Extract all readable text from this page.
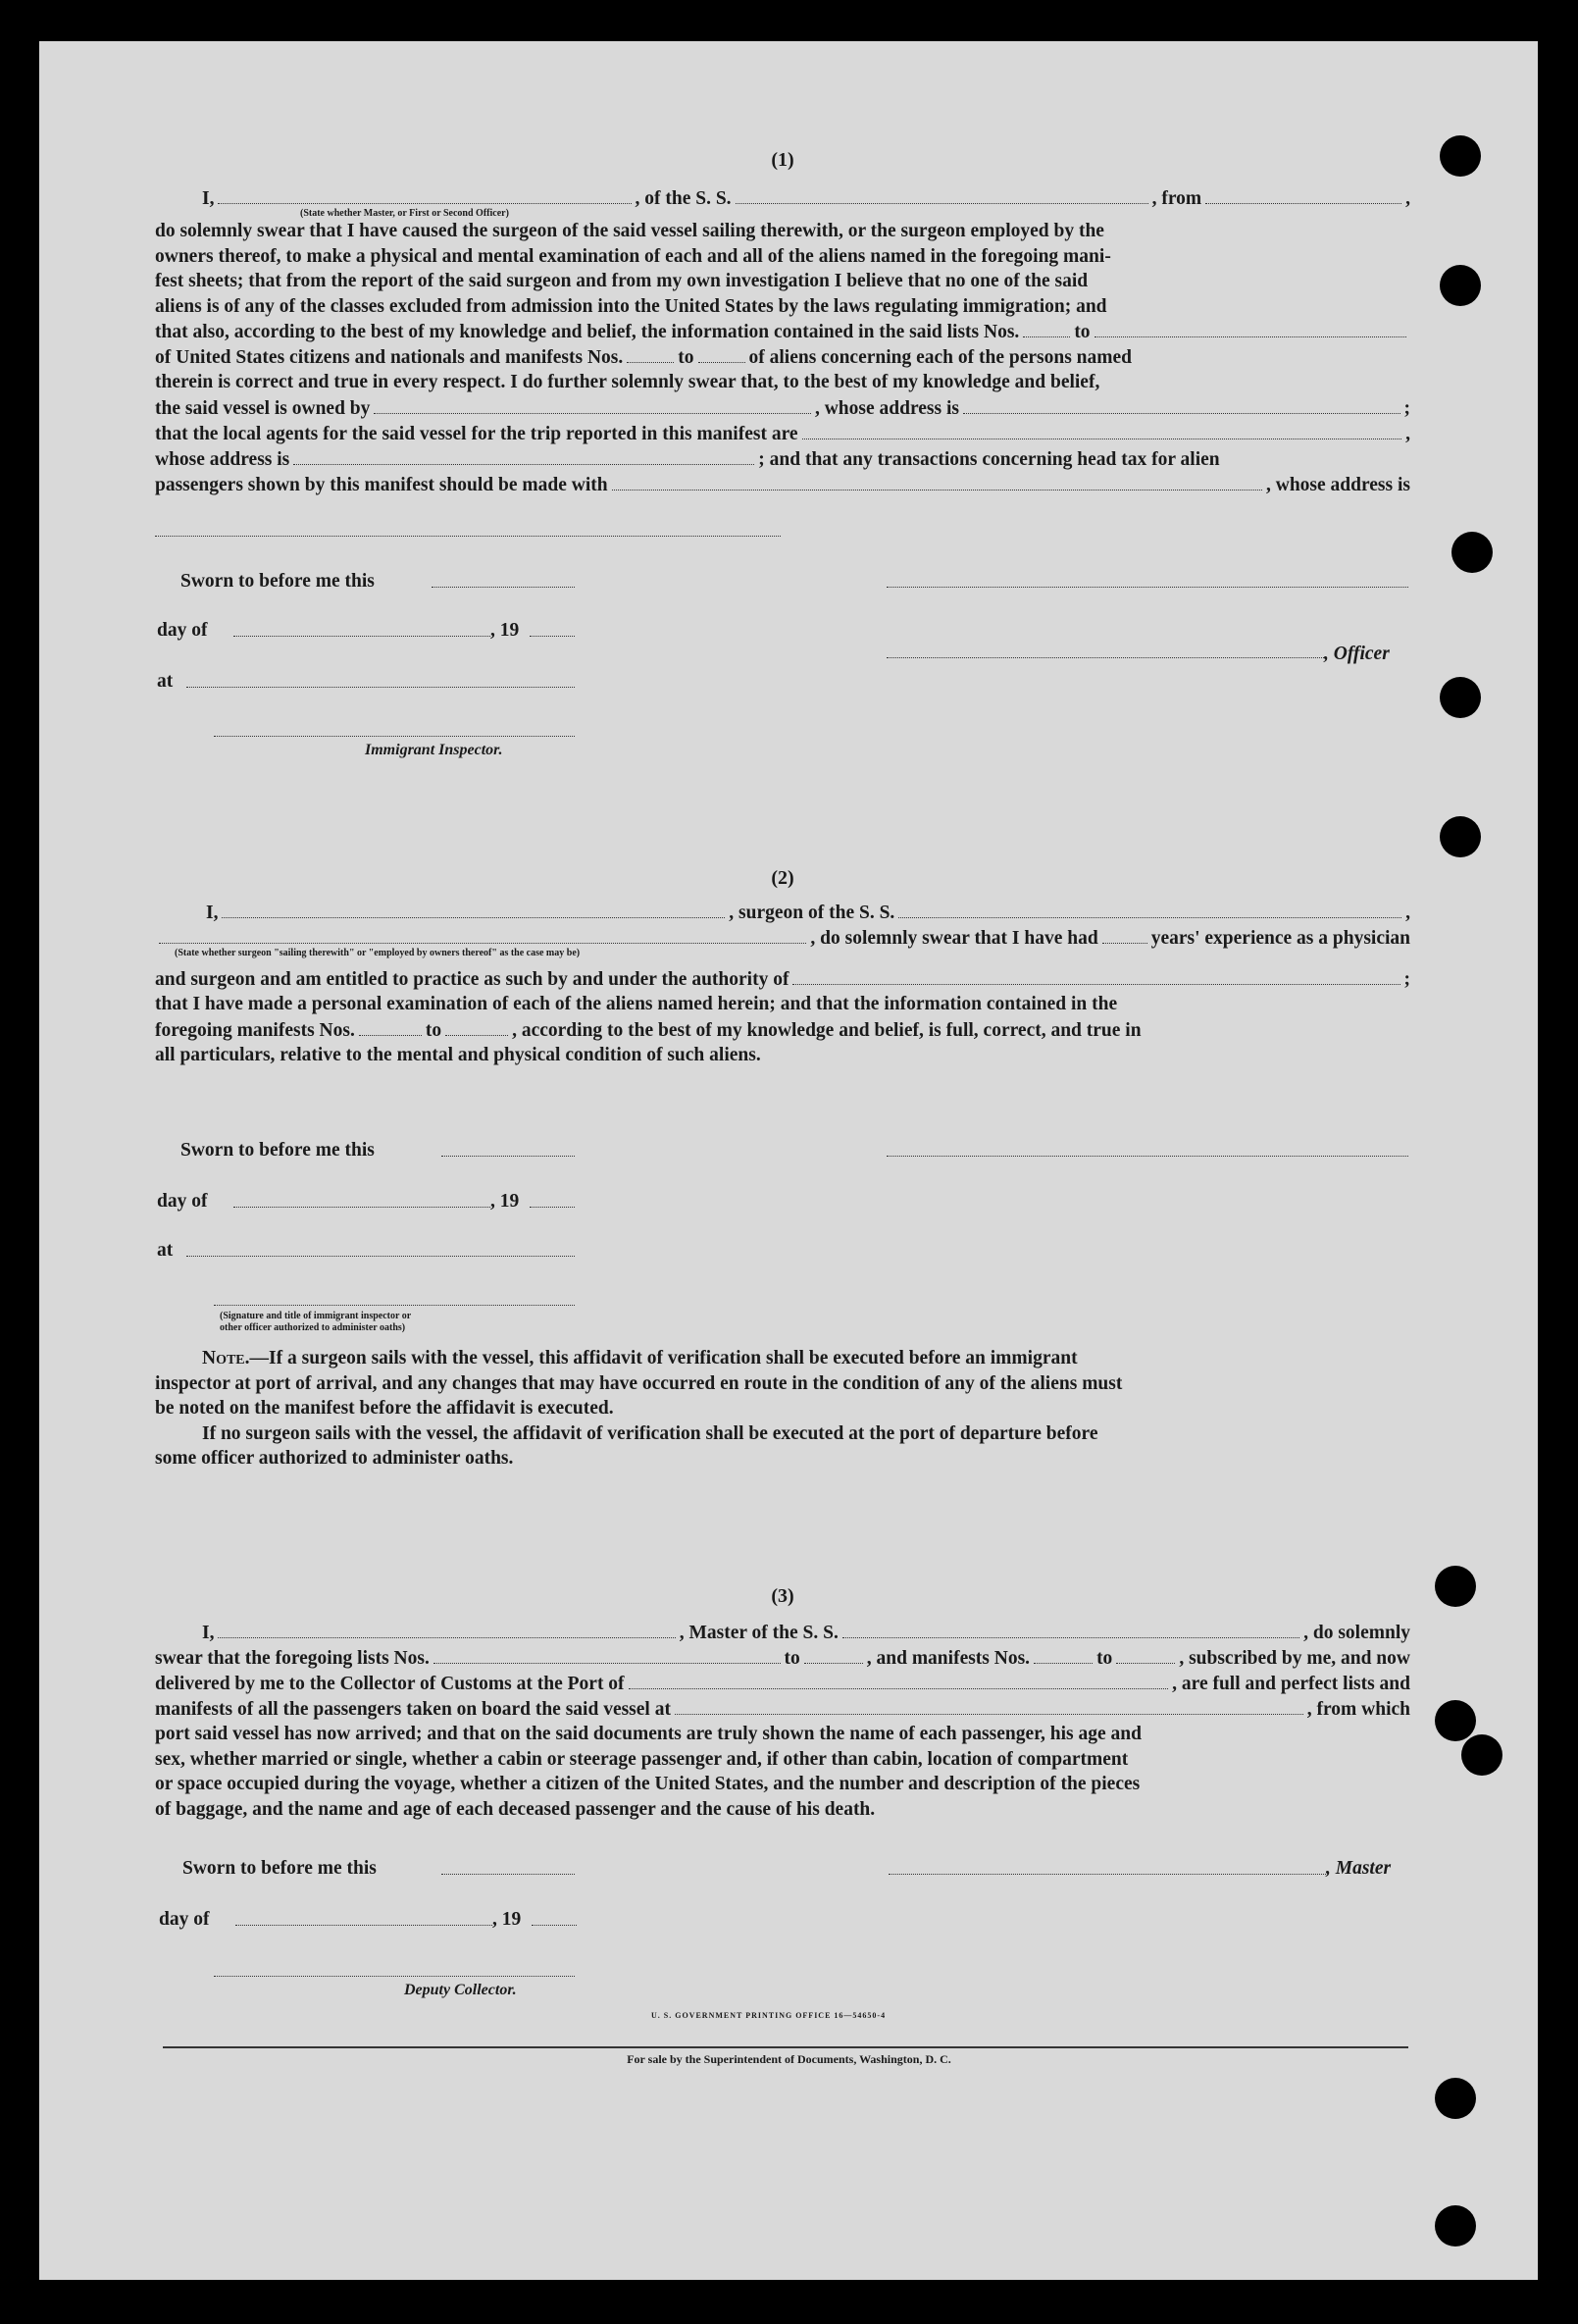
(1)
I,	, of the S. S.	, from	,
(State whether Master, or First or Second Officer)
do solemnly swear that I have caused the surgeon of the said vessel sailing therewith, or the surgeon employed by the
owners thereof, to make a physical and mental examination of each and all of the aliens named in the foregoing mani-
fest sheets; that from the report of the said surgeon and from my own investigation I believe that no one of the said
aliens is of any of the classes excluded from admission into the United States by the laws regulating immigration; and
that also, according to the best of my knowledge and belief, the information contained in the said lists Nos.	to
of United States citizens and nationals and manifests Nos.	to	of aliens concerning each of the persons named
therein is correct and true in every respect. I do further solemnly swear that, to the best of my knowledge and belief,
the said vessel is owned by	, whose address is	;
that the local agents for the said vessel for the trip reported in this manifest are	,
whose address is	; and that any transactions concerning head tax for alien
passengers shown by this manifest should be made with	, whose address is
Sworn to before me this
day of	, 19
at
Immigrant Inspector.
, Officer
(2)
I,	, surgeon of the S. S.	,
, do solemnly swear that I have had	years' experience as a physician
(State whether surgeon "sailing therewith" or "employed by owners thereof" as the case may be)
and surgeon and am entitled to practice as such by and under the authority of	;
that I have made a personal examination of each of the aliens named herein; and that the information contained in the
foregoing manifests Nos.	to	, according to the best of my knowledge and belief, is full, correct, and true in
all particulars, relative to the mental and physical condition of such aliens.
Sworn to before me this
day of	, 19
at
(Signature and title of immigrant inspector or
other officer authorized to administer oaths)
Note.—If a surgeon sails with the vessel, this affidavit of verification shall be executed before an immigrant
inspector at port of arrival, and any changes that may have occurred en route in the condition of any of the aliens must
be noted on the manifest before the affidavit is executed.
If no surgeon sails with the vessel, the affidavit of verification shall be executed at the port of departure before
some officer authorized to administer oaths.
(3)
I,	, Master of the S. S.	, do solemnly
swear that the foregoing lists Nos.	to	, and manifests Nos.	to	, subscribed by me, and now
delivered by me to the Collector of Customs at the Port of	, are full and perfect lists and
manifests of all the passengers taken on board the said vessel at	, from which
port said vessel has now arrived; and that on the said documents are truly shown the name of each passenger, his age and
sex, whether married or single, whether a cabin or steerage passenger and, if other than cabin, location of compartment
or space occupied during the voyage, whether a citizen of the United States, and the number and description of the pieces
of baggage, and the name and age of each deceased passenger and the cause of his death.
Sworn to before me this
day of	, 19
Deputy Collector.
, Master
U. S. GOVERNMENT PRINTING OFFICE 16—54650-4
For sale by the Superintendent of Documents, Washington, D. C.
